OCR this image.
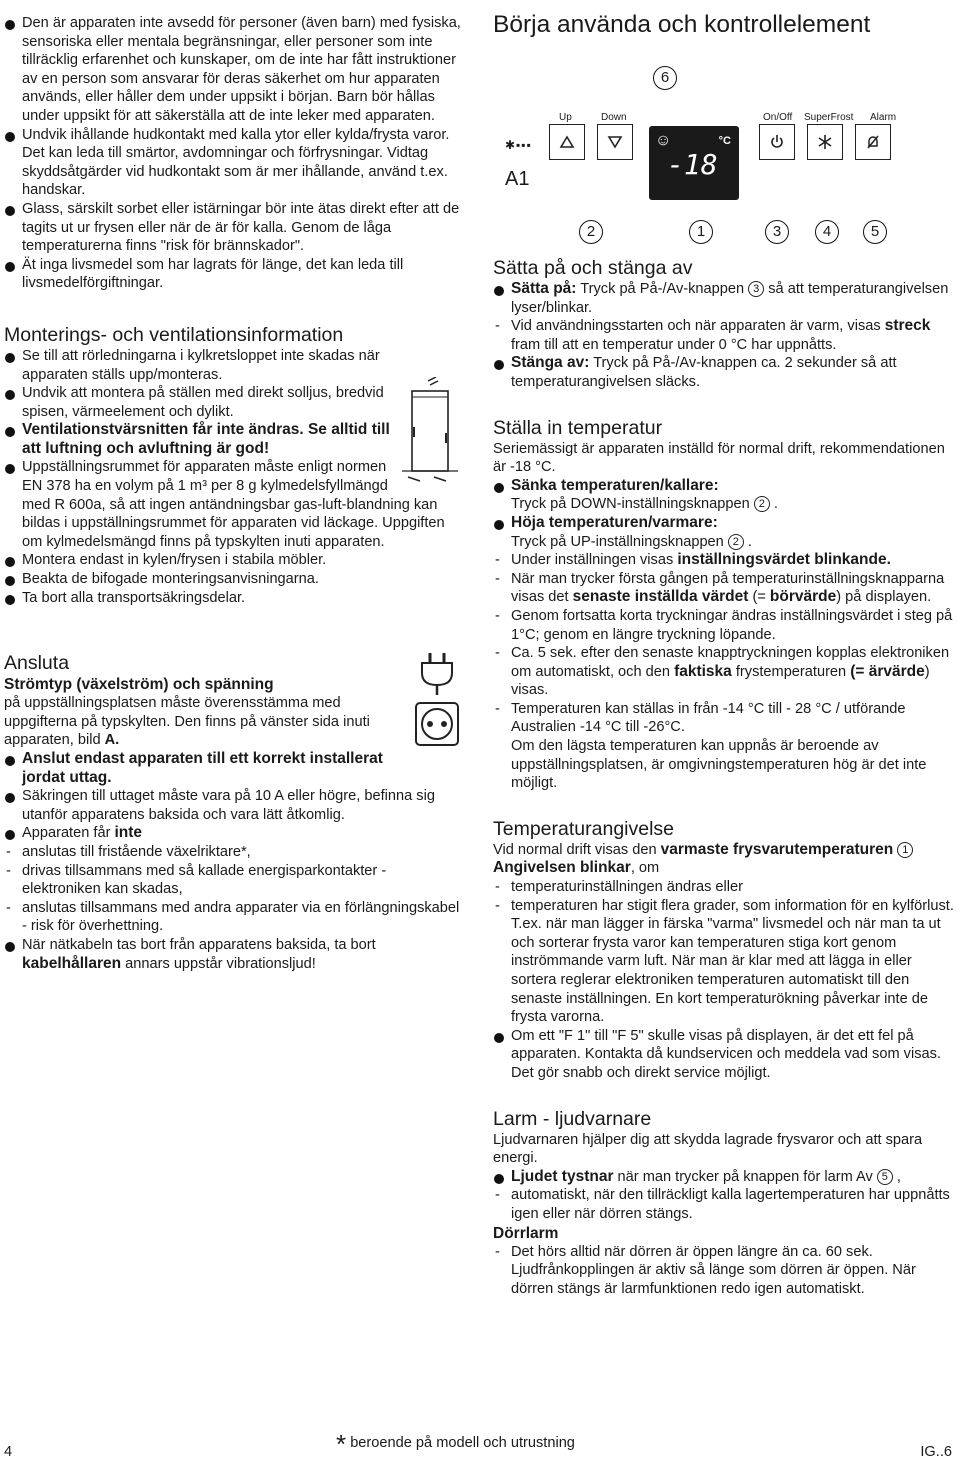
Den är apparaten inte avsedd för personer (även barn) med fysiska, sensoriska eller mentala begränsningar, eller personer som inte tillräcklig erfarenhet och kunskaper, om de inte har fått instruktioner av en person som ansvarar för deras säkerhet om hur apparaten används, eller håller dem under uppsikt i början. Barn bör hållas under uppsikt för att säkerställa att de inte leker med apparaten.

Undvik ihållande hudkontakt med kalla ytor eller kylda/frysta varor. Det kan leda till smärtor, avdomningar och förfrysningar. Vidtag skyddsåtgärder vid hudkontakt som är mer ihållande, använd t.ex. handskar.

Glass, särskilt sorbet eller istärningar bör inte ätas direkt efter att de tagits ut ur frysen eller när de är för kalla. Genom de låga temperaturerna finns "risk för brännskador".

Ät inga livsmedel som har lagrats för länge, det kan leda till livsmedelförgiftningar.

Monterings- och ventilationsinformation

Se till att rörledningarna i kylkretsloppet inte skadas när apparaten ställs upp/monteras.

Undvik att montera på ställen med direkt solljus, bredvid spisen, värmeelement och dylikt.

Ventilationstvärsnitten får inte ändras. Se alltid till att luftning och avluftning är god!

Uppställningsrummet för apparaten måste enligt normen EN 378 ha en volym på 1 m³ per 8 g kylmedelsfyllmängd med R 600a, så att ingen antändningsbar gas-luft-blandning kan bildas i uppställningsrummet för apparaten vid läckage. Uppgiften om kylmedelsmängd finns på typskylten inuti apparaten.

Montera endast in kylen/frysen i stabila möbler.

Beakta de bifogade monteringsanvisningarna.

Ta bort alla transportsäkringsdelar.

Ansluta
Strömtyp (växelström) och spänning

på uppställningsplatsen måste överensstämma med uppgifterna på typskylten. Den finns på vänster sida inuti apparaten, bild A.

Anslut endast apparaten till ett korrekt installerat jordat uttag.

Säkringen till uttaget måste vara på 10 A eller högre, befinna sig utanför apparatens baksida och vara lätt åtkomlig.

Apparaten får inte

- anslutas till fristående växelriktare*,

- drivas tillsammans med så kallade energisparkontakter - elektroniken kan skadas,

- anslutas tillsammans med andra apparater via en förlängningskabel - risk för överhettning.

När nätkabeln tas bort från apparatens baksida, ta bort kabelhållaren annars uppstår vibrationsljud!

Börja använda och kontrollelement
6
Up	Down	On/Off SuperFrost Alarm
☺	°C
-18
✱▪▪▪
A1
2	1	3	4	5
Sätta på och stänga av

Sätta på: Tryck på På-/Av-knappen 3 så att temperaturangivelsen lyser/blinkar.

- Vid användningsstarten och när apparaten är varm, visas streck fram till att en temperatur under 0 °C har uppnåtts.

Stänga av: Tryck på På-/Av-knappen ca. 2 sekunder så att temperaturangivelsen släcks.

Ställa in temperatur

Seriemässigt är apparaten inställd för normal drift, rekommendationen är -18 °C.

Sänka temperaturen/kallare:

Tryck på DOWN-inställningsknappen 2 .

Höja temperaturen/varmare:

Tryck på UP-inställningsknappen 2 .

- Under inställningen visas inställningsvärdet blinkande.

- När man trycker första gången på temperaturinställningsknapparna visas det senaste inställda värdet (= börvärde) på displayen.

- Genom fortsatta korta tryckningar ändras inställningsvärdet i steg på 1°C; genom en längre tryckning löpande.

- Ca. 5 sek. efter den senaste knapptryckningen kopplas elektroniken om automatiskt, och den faktiska frystemperaturen (= ärvärde) visas.

- Temperaturen kan ställas in från -14 °C till - 28 °C / utförande Australien -14 °C till -26°C.

Om den lägsta temperaturen kan uppnås är beroende av uppställningsplatsen, är omgivningstemperaturen hög är det inte möjligt.

Temperaturangivelse

Vid normal drift visas den varmaste frysvarutemperaturen 1

Angivelsen blinkar, om

- temperaturinställningen ändras eller

- temperaturen har stigit flera grader, som information för en kylförlust. T.ex. när man lägger in färska "varma" livsmedel och när man ta ut och sorterar frysta varor kan temperaturen stiga kort genom inströmmande varm luft. När man är klar med att lägga in eller sortera reglerar elektroniken temperaturen automatiskt till den senaste inställningen. En kort temperaturökning påverkar inte de frysta varorna.

Om ett "F 1" till "F 5" skulle visas på displayen, är det ett fel på apparaten. Kontakta då kundservicen och meddela vad som visas. Det gör snabb och direkt service möjligt.

Larm - ljudvarnare

Ljudvarnaren hjälper dig att skydda lagrade frysvaror och att spara energi.

Ljudet tystnar när man trycker på knappen för larm Av 5 ,

- automatiskt, när den tillräckligt kalla lagertemperaturen har uppnåtts igen eller när dörren stängs.

Dörrlarm

- Det hörs alltid när dörren är öppen längre än ca. 60 sek. Ljudfrånkopplingen är aktiv så länge som dörren är öppen. När dörren stängs är larmfunktionen redo igen automatiskt.

4	* beroende på modell och utrustning
IG..6
